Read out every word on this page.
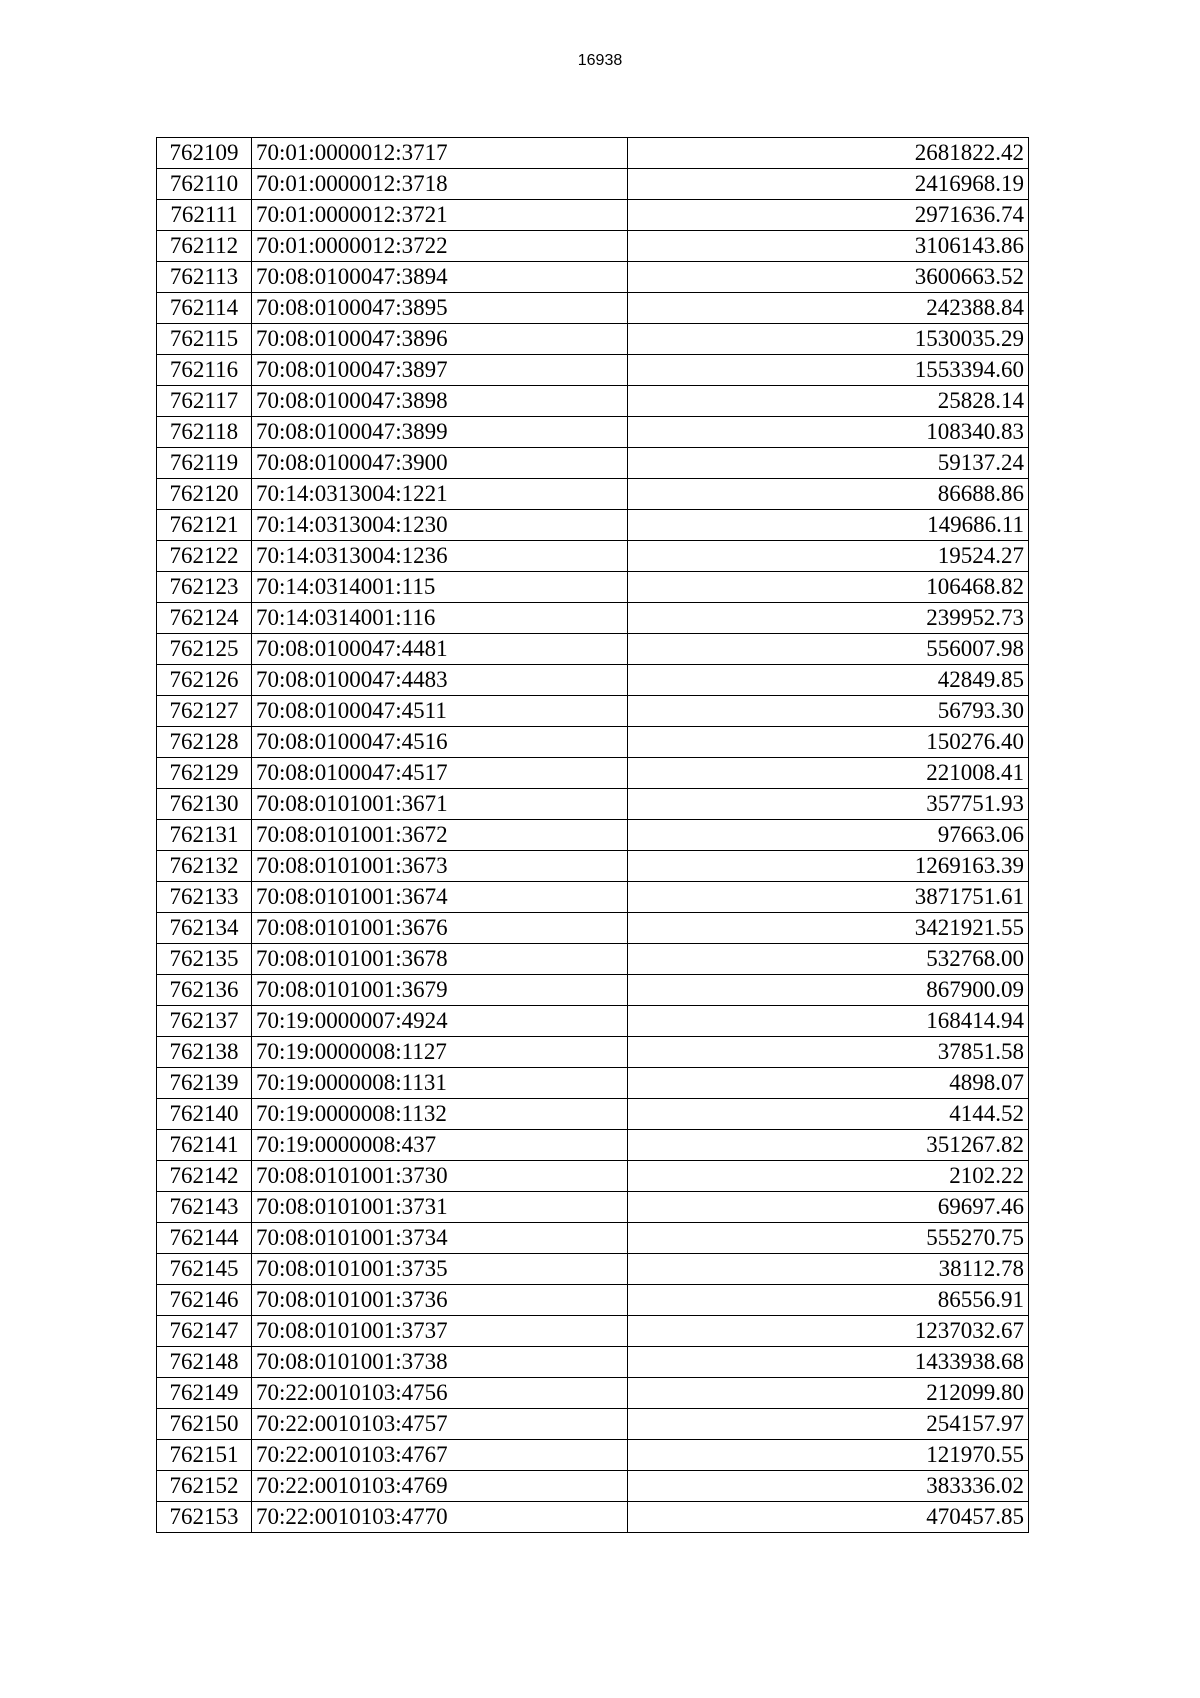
16938
762109	70:01:0000012:3717	2681822.42
762110	70:01:0000012:3718	2416968.19
762111	70:01:0000012:3721	2971636.74
762112	70:01:0000012:3722	3106143.86
762113	70:08:0100047:3894	3600663.52
762114	70:08:0100047:3895	242388.84
762115	70:08:0100047:3896	1530035.29
762116	70:08:0100047:3897	1553394.60
762117	70:08:0100047:3898	25828.14
762118	70:08:0100047:3899	108340.83
762119	70:08:0100047:3900	59137.24
762120	70:14:0313004:1221	86688.86
762121	70:14:0313004:1230	149686.11
762122	70:14:0313004:1236	19524.27
762123	70:14:0314001:115	106468.82
762124	70:14:0314001:116	239952.73
762125	70:08:0100047:4481	556007.98
762126	70:08:0100047:4483	42849.85
762127	70:08:0100047:4511	56793.30
762128	70:08:0100047:4516	150276.40
762129	70:08:0100047:4517	221008.41
762130	70:08:0101001:3671	357751.93
762131	70:08:0101001:3672	97663.06
762132	70:08:0101001:3673	1269163.39
762133	70:08:0101001:3674	3871751.61
762134	70:08:0101001:3676	3421921.55
762135	70:08:0101001:3678	532768.00
762136	70:08:0101001:3679	867900.09
762137	70:19:0000007:4924	168414.94
762138	70:19:0000008:1127	37851.58
762139	70:19:0000008:1131	4898.07
762140	70:19:0000008:1132	4144.52
762141	70:19:0000008:437	351267.82
762142	70:08:0101001:3730	2102.22
762143	70:08:0101001:3731	69697.46
762144	70:08:0101001:3734	555270.75
762145	70:08:0101001:3735	38112.78
762146	70:08:0101001:3736	86556.91
762147	70:08:0101001:3737	1237032.67
762148	70:08:0101001:3738	1433938.68
762149	70:22:0010103:4756	212099.80
762150	70:22:0010103:4757	254157.97
762151	70:22:0010103:4767	121970.55
762152	70:22:0010103:4769	383336.02
762153	70:22:0010103:4770	470457.85
